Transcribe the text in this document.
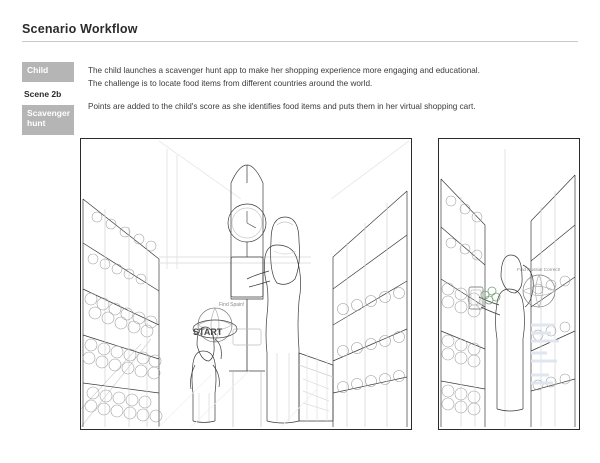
Scenario Workflow
Child
Scene 2b
Scavenger hunt

The child launches a scavenger hunt app to make her shopping experience more engaging and educational. The challenge is to locate food items from different countries around the world.

Points are added to the child's score as she identifies food items and puts them in her virtual shopping cart.

START
Find Spain!
Find Russia! Correct!
